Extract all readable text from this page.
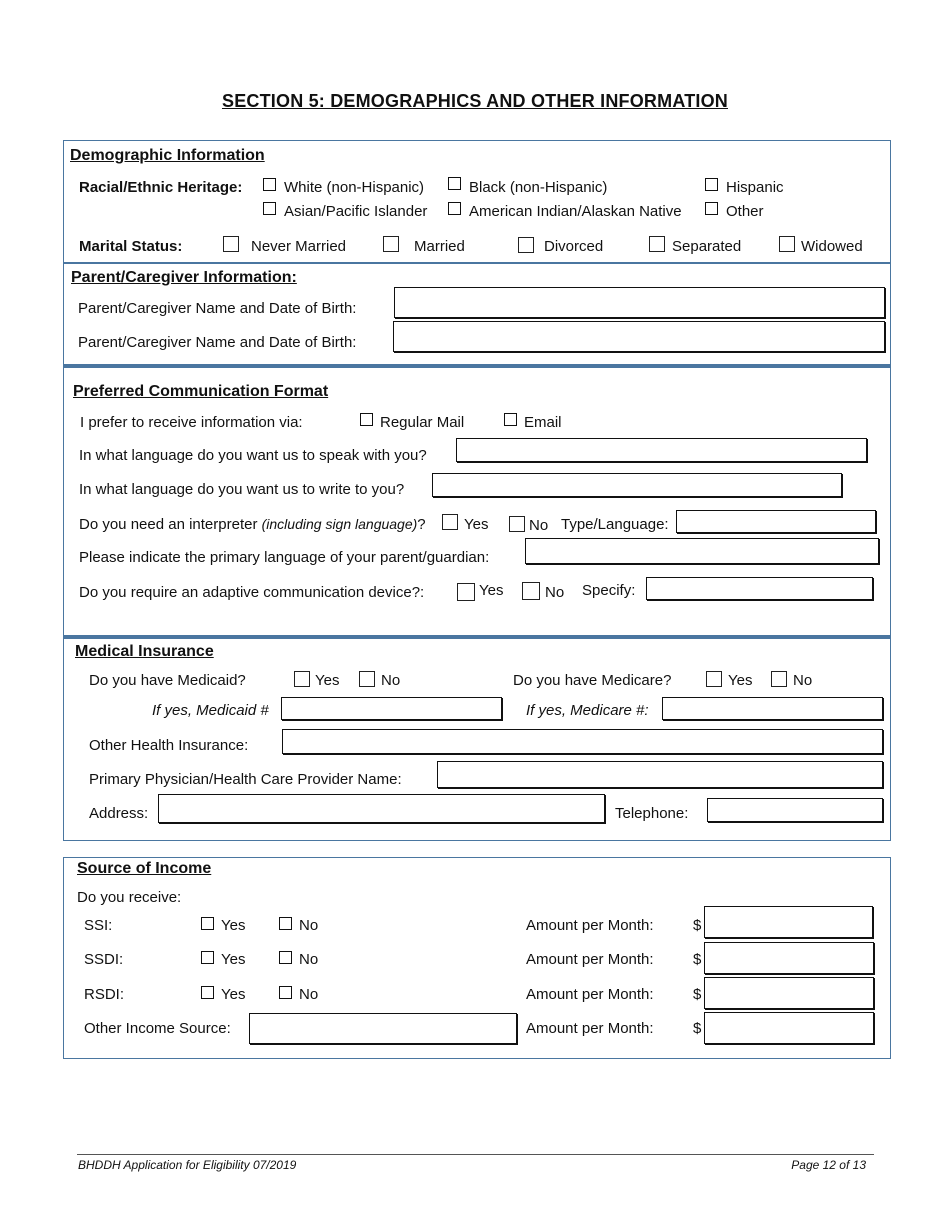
SECTION 5: DEMOGRAPHICS AND OTHER INFORMATION
Demographic Information
Racial/Ethnic Heritage:	White (non-Hispanic)	Black (non-Hispanic)	Hispanic
Asian/Pacific Islander	American Indian/Alaskan Native	Other
Marital Status:	Never Married	Married	Divorced	Separated	Widowed
Parent/Caregiver Information:
Parent/Caregiver Name and Date of Birth:
Parent/Caregiver Name and Date of Birth:
Preferred Communication Format
I prefer to receive information via:	Regular Mail	Email
In what language do you want us to speak with you?
In what language do you want us to write to you?
Do you need an interpreter (including sign language)?	Yes	No Type/Language:
Please indicate the primary language of your parent/guardian:
Do you require an adaptive communication device?:	Yes	No Specify:
Medical Insurance
Do you have Medicaid?	Yes	No	Do you have Medicare?	Yes	No
If yes, Medicaid #	If yes, Medicare #:
Other Health Insurance:
Primary Physician/Health Care Provider Name:
Address:	Telephone:
Source of Income
Do you receive:
SSI:	Yes	No	Amount per Month:	$
SSDI:	Yes	No	Amount per Month:	$
RSDI:	Yes	No	Amount per Month:	$
Other Income Source:	Amount per Month:	$
BHDDH Application for Eligibility 07/2019	Page 12 of 13
